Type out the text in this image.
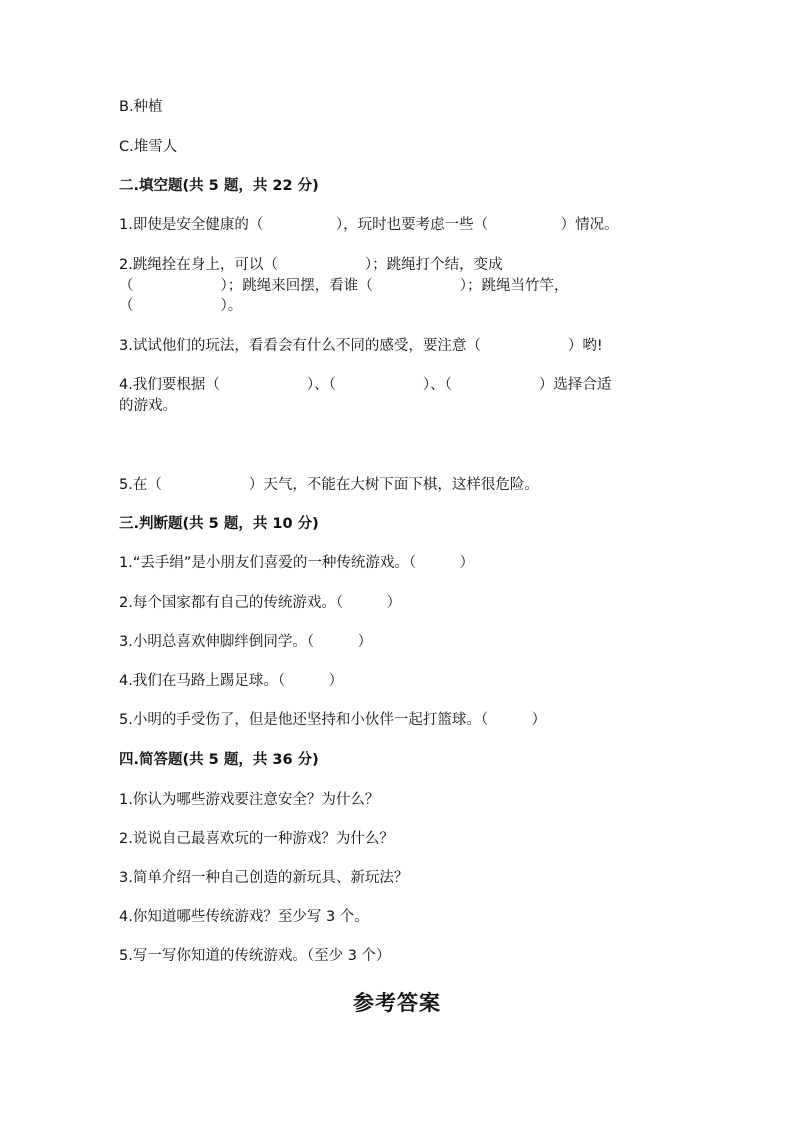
B.种植
C.堆雪人
二.填空题(共 5 题，共 22 分)
1.即使是安全健康的（　　　　　），玩时也要考虑一些（　　　　　）情况。
2.跳绳拴在身上，可以（　　　　　　）；跳绳打个结，变成
（　　　　　　）；跳绳来回摆，看谁（　　　　　　）；跳绳当竹竿，
（　　　　　　）。
3.试试他们的玩法，看看会有什么不同的感受，要注意（　　　　　　）哟!
4.我们要根据（　　　　　　）、（　　　　　　）、（　　　　　　）选择合适
的游戏。
5.在（　　　　　　）天气，不能在大树下面下棋，这样很危险。
三.判断题(共 5 题，共 10 分)
1.“丢手绢”是小朋友们喜爱的一种传统游戏。（　　　）
2.每个国家都有自己的传统游戏。（　　　）
3.小明总喜欢伸脚绊倒同学。（　　　）
4.我们在马路上踢足球。（　　　）
5.小明的手受伤了，但是他还坚持和小伙伴一起打篮球。（　　　）
四.简答题(共 5 题，共 36 分)
1.你认为哪些游戏要注意安全？为什么？
2.说说自己最喜欢玩的一种游戏？为什么？
3.简单介绍一种自己创造的新玩具、新玩法？
4.你知道哪些传统游戏？至少写 3 个。
5.写一写你知道的传统游戏。（至少 3 个）
参考答案
